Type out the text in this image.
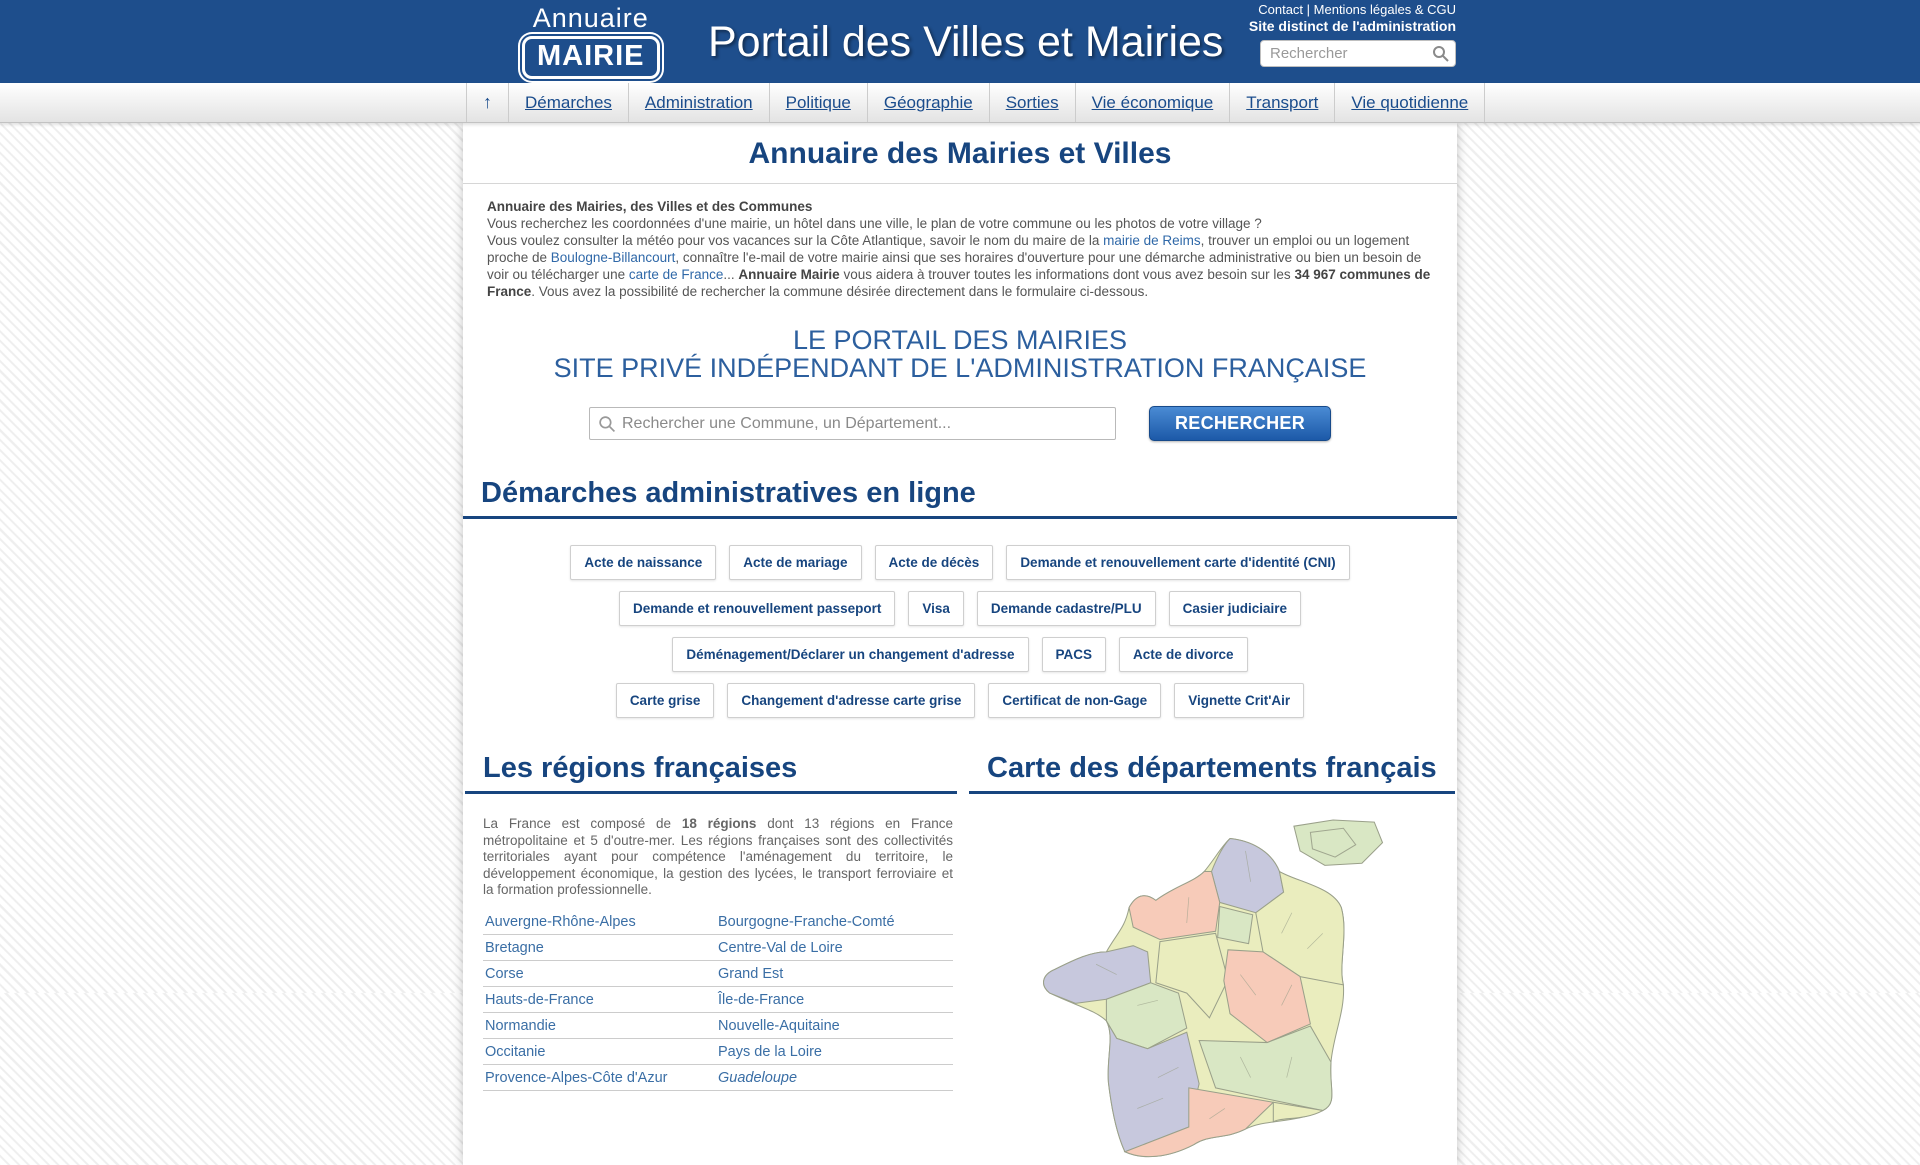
Annuaire
MAIRIE	Portail des Villes et Mairies
Contact | Mentions légales & CGU
Site distinct de l'administration
Rechercher
↑	Démarches	Administration	Politique	Géographie	Sorties	Vie économique	Transport	Vie quotidienne
Annuaire des Mairies et Villes
Annuaire des Mairies, des Villes et des Communes
Vous recherchez les coordonnées d'une mairie, un hôtel dans une ville, le plan de votre commune ou les photos de votre village ?
Vous voulez consulter la météo pour vos vacances sur la Côte Atlantique, savoir le nom du maire de la mairie de Reims, trouver un emploi ou un logement proche de Boulogne-Billancourt, connaître l'e-mail de votre mairie ainsi que ses horaires d'ouverture pour une démarche administrative ou bien un besoin de voir ou télécharger une carte de France... Annuaire Mairie vous aidera à trouver toutes les informations dont vous avez besoin sur les 34 967 communes de France. Vous avez la possibilité de rechercher la commune désirée directement dans le formulaire ci-dessous.
LE PORTAIL DES MAIRIES
SITE PRIVÉ INDÉPENDANT DE L'ADMINISTRATION FRANÇAISE
Rechercher une Commune, un Département...
RECHERCHER
Démarches administratives en ligne
Acte de naissance	Acte de mariage	Acte de décès	Demande et renouvellement carte d'identité (CNI)
Demande et renouvellement passeport	Visa	Demande cadastre/PLU	Casier judiciaire
Déménagement/Déclarer un changement d'adresse	PACS	Acte de divorce
Carte grise	Changement d'adresse carte grise	Certificat de non-Gage	Vignette Crit'Air
Les régions françaises
La France est composé de 18 régions dont 13 régions en France métropolitaine et 5 d'outre-mer. Les régions françaises sont des collectivités territoriales ayant pour compétence l'aménagement du territoire, le développement économique, la gestion des lycées, le transport ferroviaire et la formation professionnelle.
Auvergne-Rhône-Alpes	Bourgogne-Franche-Comté
Bretagne	Centre-Val de Loire
Corse	Grand Est
Hauts-de-France	Île-de-France
Normandie	Nouvelle-Aquitaine
Occitanie	Pays de la Loire
Provence-Alpes-Côte d'Azur	Guadeloupe
Carte des départements français
